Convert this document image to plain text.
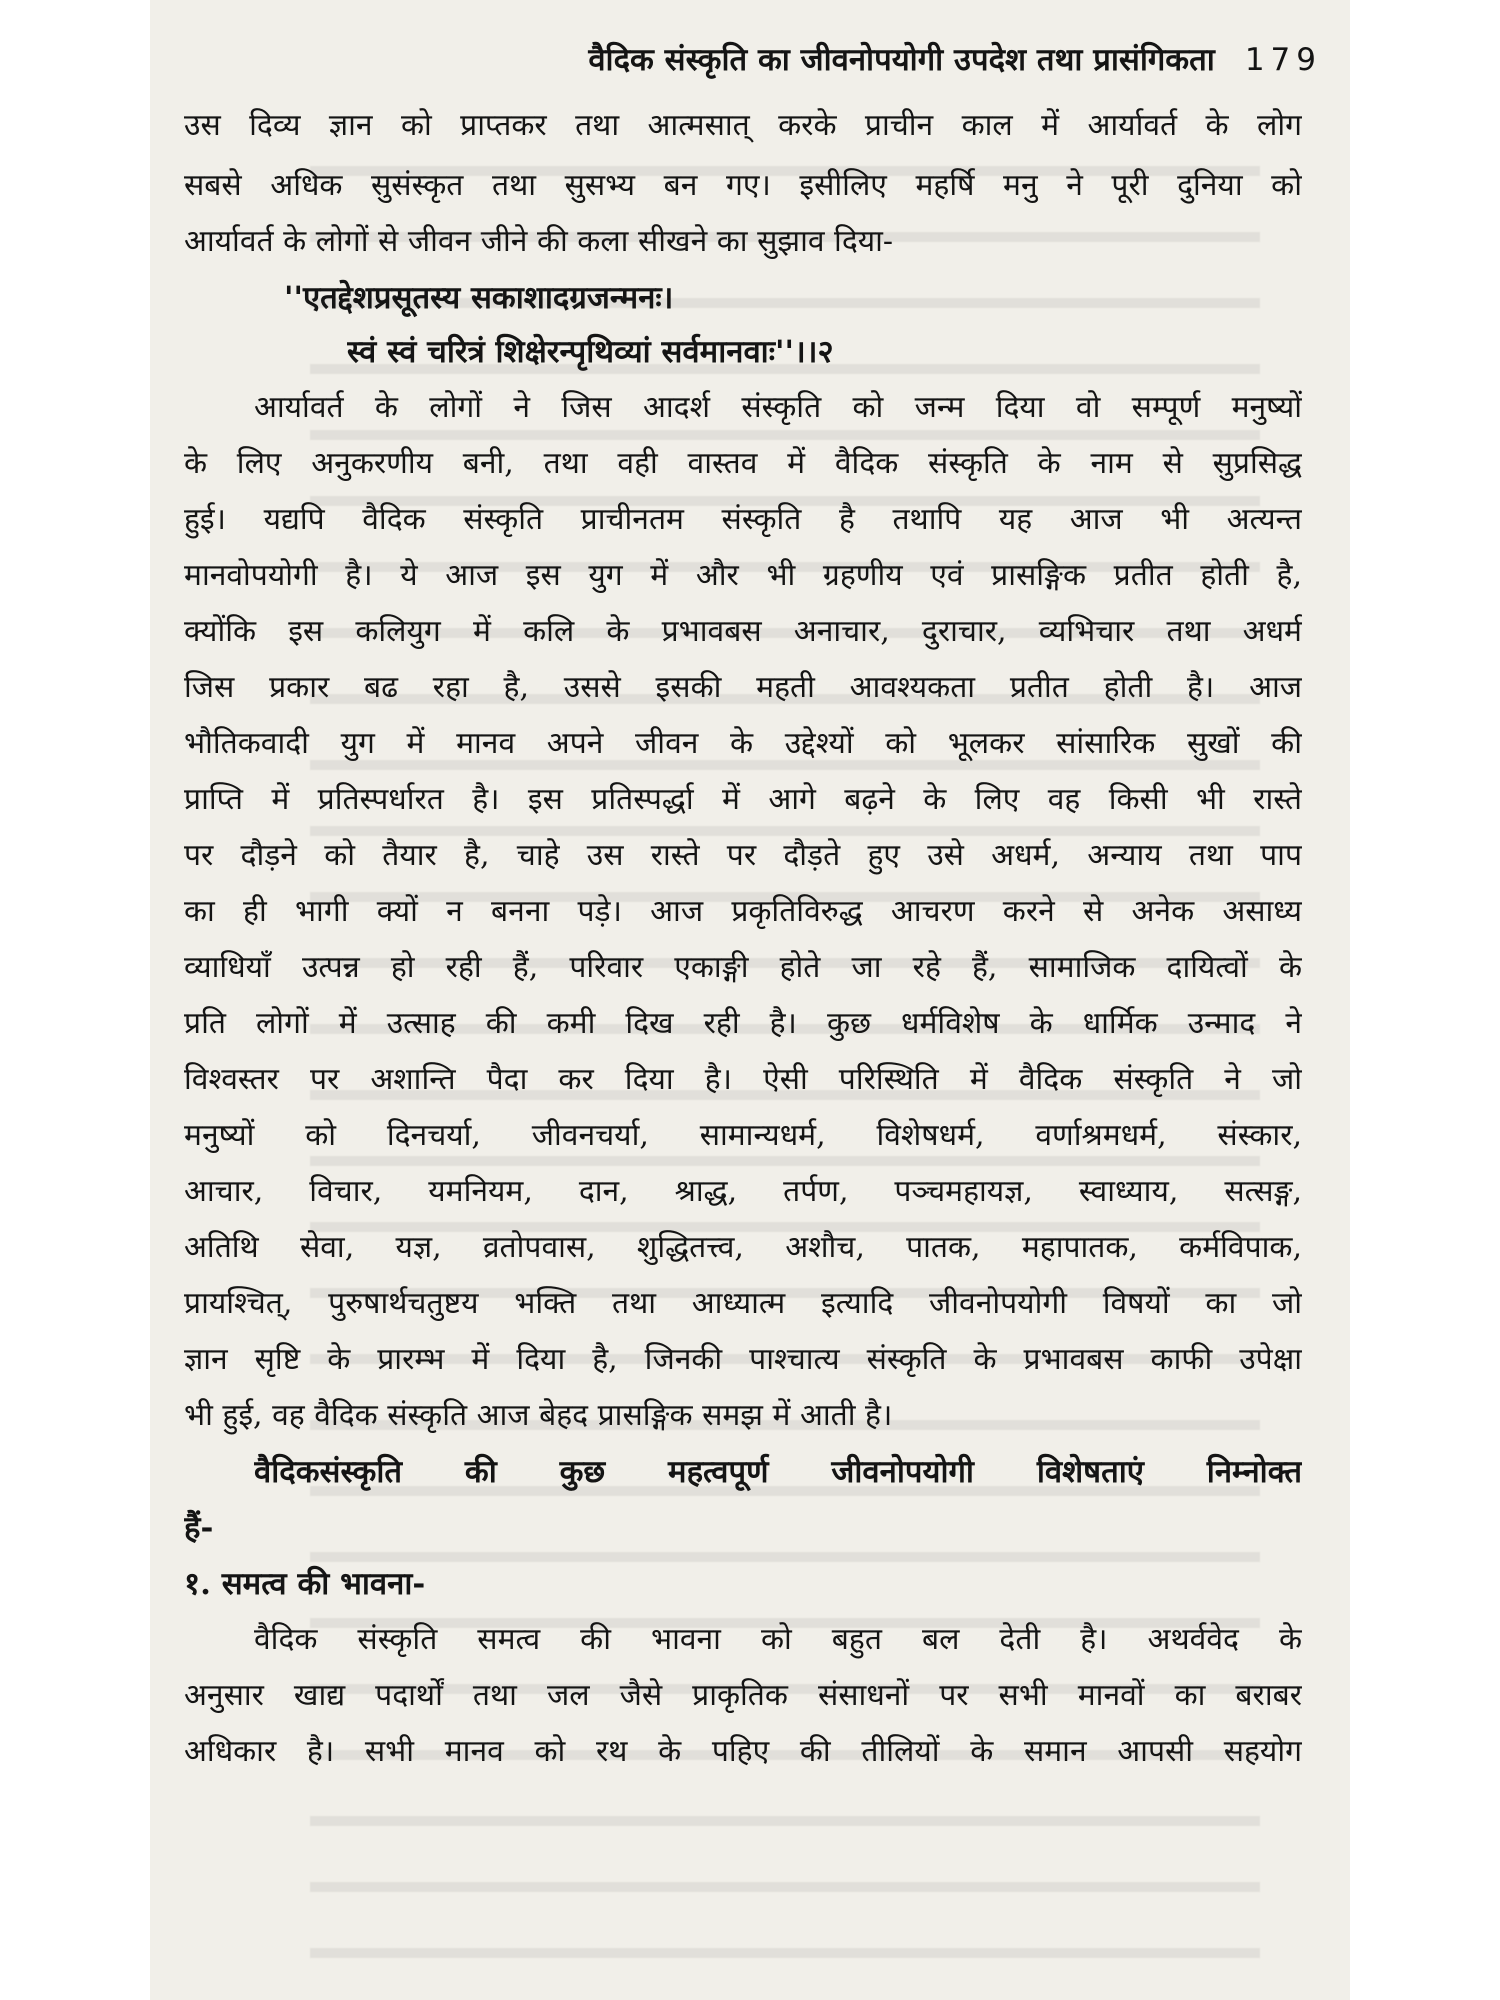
वैदिक संस्कृति का जीवनोपयोगी उपदेश तथा प्रासंगिकता 179
उस दिव्य ज्ञान को प्राप्तकर तथा आत्मसात् करके प्राचीन काल में आर्यावर्त के लोग
सबसे अधिक सुसंस्कृत तथा सुसभ्य बन गए। इसीलिए महर्षि मनु ने पूरी दुनिया को
आर्यावर्त के लोगों से जीवन जीने की कला सीखने का सुझाव दिया-
''एतद्देशप्रसूतस्य सकाशादग्रजन्मनः।
स्वं स्वं चरित्रं शिक्षेरन्पृथिव्यां सर्वमानवाः''।।२
आर्यावर्त के लोगों ने जिस आदर्श संस्कृति को जन्म दिया वो सम्पूर्ण मनुष्यों
के लिए अनुकरणीय बनी, तथा वही वास्तव में वैदिक संस्कृति के नाम से सुप्रसिद्ध
हुई। यद्यपि वैदिक संस्कृति प्राचीनतम संस्कृति है तथापि यह आज भी अत्यन्त
मानवोपयोगी है। ये आज इस युग में और भी ग्रहणीय एवं प्रासङ्गिक प्रतीत होती है,
क्योंकि इस कलियुग में कलि के प्रभावबस अनाचार, दुराचार, व्यभिचार तथा अधर्म
जिस प्रकार बढ रहा है, उससे इसकी महती आवश्यकता प्रतीत होती है। आज
भौतिकवादी युग में मानव अपने जीवन के उद्देश्यों को भूलकर सांसारिक सुखों की
प्राप्ति में प्रतिस्पर्धारत है। इस प्रतिस्पर्द्धा में आगे बढ़ने के लिए वह किसी भी रास्ते
पर दौड़ने को तैयार है, चाहे उस रास्ते पर दौड़ते हुए उसे अधर्म, अन्याय तथा पाप
का ही भागी क्यों न बनना पड़े। आज प्रकृतिविरुद्ध आचरण करने से अनेक असाध्य
व्याधियाँ उत्पन्न हो रही हैं, परिवार एकाङ्गी होते जा रहे हैं, सामाजिक दायित्वों के
प्रति लोगों में उत्साह की कमी दिख रही है। कुछ धर्मविशेष के धार्मिक उन्माद ने
विश्वस्तर पर अशान्ति पैदा कर दिया है। ऐसी परिस्थिति में वैदिक संस्कृति ने जो
मनुष्यों को दिनचर्या, जीवनचर्या, सामान्यधर्म, विशेषधर्म, वर्णाश्रमधर्म, संस्कार,
आचार, विचार, यमनियम, दान, श्राद्ध, तर्पण, पञ्चमहायज्ञ, स्वाध्याय, सत्सङ्ग,
अतिथि सेवा, यज्ञ, व्रतोपवास, शुद्धितत्त्व, अशौच, पातक, महापातक, कर्मविपाक,
प्रायश्चित्, पुरुषार्थचतुष्टय भक्ति तथा आध्यात्म इत्यादि जीवनोपयोगी विषयों का जो
ज्ञान सृष्टि के प्रारम्भ में दिया है, जिनकी पाश्चात्य संस्कृति के प्रभावबस काफी उपेक्षा
भी हुई, वह वैदिक संस्कृति आज बेहद प्रासङ्गिक समझ में आती है।
वैदिकसंस्कृति की कुछ महत्वपूर्ण जीवनोपयोगी विशेषताएं निम्नोक्त
हैं-
१. समत्व की भावना-
वैदिक संस्कृति समत्व की भावना को बहुत बल देती है। अथर्ववेद के
अनुसार खाद्य पदार्थों तथा जल जैसे प्राकृतिक संसाधनों पर सभी मानवों का बराबर
अधिकार है। सभी मानव को रथ के पहिए की तीलियों के समान आपसी सहयोग
